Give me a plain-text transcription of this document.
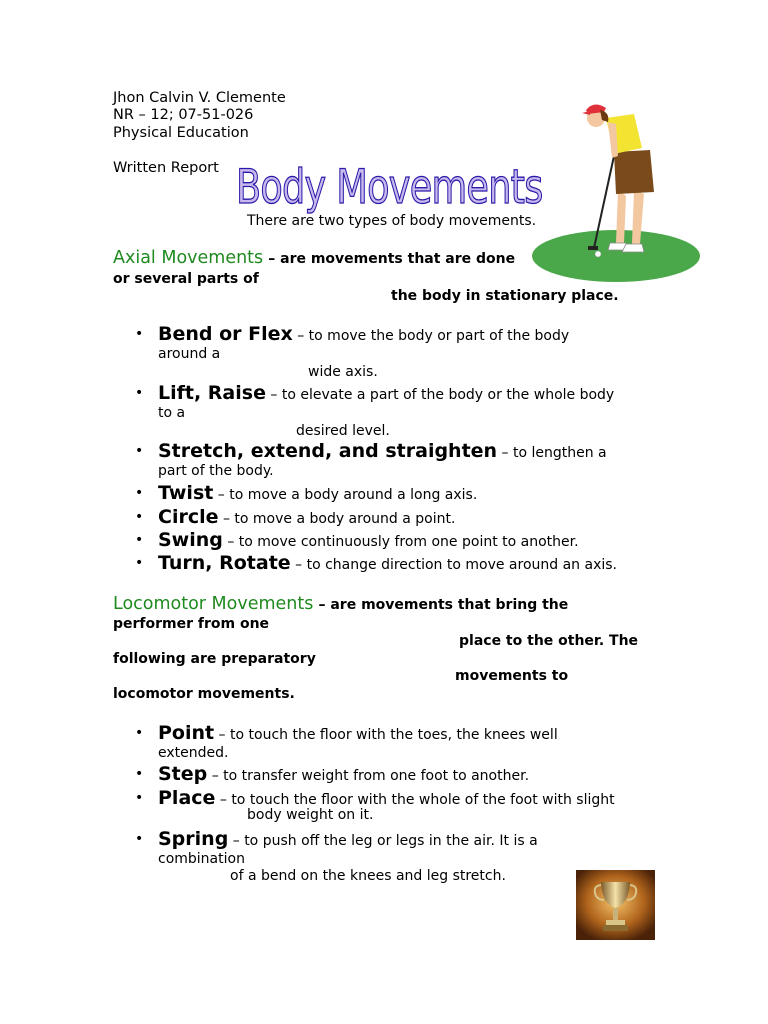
Jhon Calvin V. Clemente
NR – 12; 07-51-026
Physical Education
Written Report Body Movements
There are two types of body movements.
Axial Movements – are movements that are done
or several parts of
the body in stationary place.
• Bend or Flex – to move the body or part of the body
around a
wide axis.
• Lift, Raise – to elevate a part of the body or the whole body
to a
desired level.
• Stretch, extend, and straighten – to lengthen a
part of the body.
• Twist – to move a body around a long axis.
• Circle – to move a body around a point.
• Swing – to move continuously from one point to another.
• Turn, Rotate – to change direction to move around an axis.
Locomotor Movements – are movements that bring the
performer from one
place to the other. The
following are preparatory
movements to
locomotor movements.
• Point – to touch the floor with the toes, the knees well
extended.
• Step – to transfer weight from one foot to another.
• Place – to touch the floor with the whole of the foot with slight
body weight on it.
• Spring – to push off the leg or legs in the air. It is a
combination
of a bend on the knees and leg stretch.
